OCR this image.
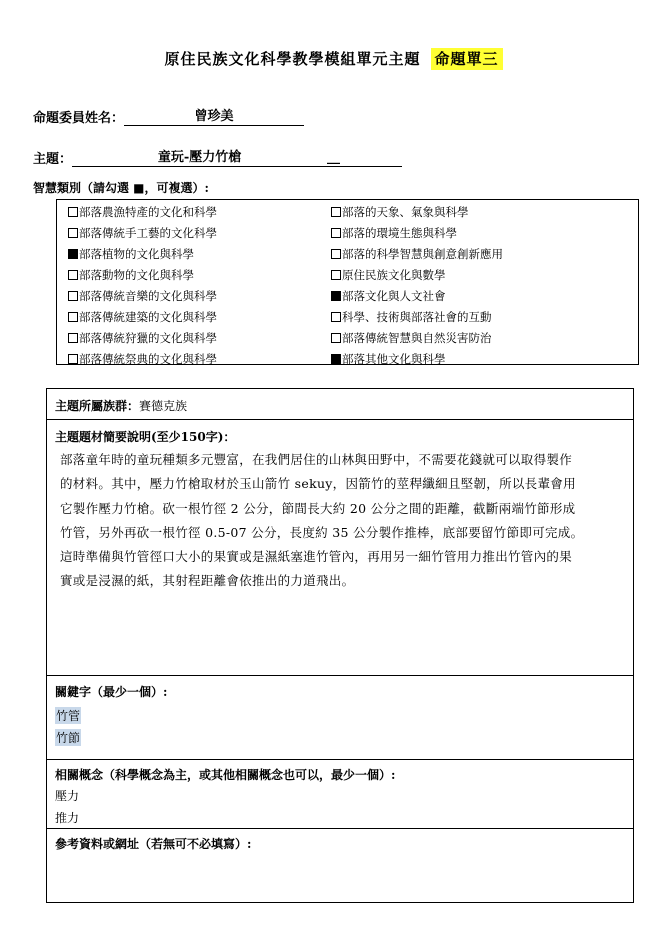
原住民族文化科學教學模組單元主題 命題單三
命題委員姓名：	曾珍美
主題：	童玩-壓力竹槍	__
智慧類別（請勾選 ■，可複選）:
部落農漁特產的文化和科學
部落傳統手工藝的文化科學
部落植物的文化與科學
部落動物的文化與科學
部落傳統音樂的文化與科學
部落傳統建築的文化與科學
部落傳統狩獵的文化與科學
部落傳統祭典的文化與科學
部落的天象、氣象與科學
部落的環境生態與科學
部落的科學智慧與創意創新應用
原住民族文化與數學
部落文化與人文社會
科學、技術與部落社會的互動
部落傳統智慧與自然災害防治
部落其他文化與科學
主題所屬族群：賽德克族
主題題材簡要說明(至少150字)：

部落童年時的童玩種類多元豐富，在我們居住的山林與田野中，不需要花錢就可以取得製作

的材料。其中，壓力竹槍取材於玉山箭竹 sekuy，因箭竹的莖稈纖細且堅韌，所以長輩會用

它製作壓力竹槍。砍一根竹徑 2 公分，節間長大約 20 公分之間的距離，截斷兩端竹節形成

竹管，另外再砍一根竹徑 0.5-07 公分，長度約 35 公分製作推棒，底部要留竹節即可完成。

這時準備與竹管徑口大小的果實或是濕紙塞進竹管內，再用另一細竹管用力推出竹管內的果

實或是浸濕的紙，其射程距離會依推出的力道飛出。

關鍵字（最少一個）:
竹管
竹節
相關概念（科學概念為主，或其他相關概念也可以，最少一個）:
壓力
推力
參考資料或網址（若無可不必填寫）:
